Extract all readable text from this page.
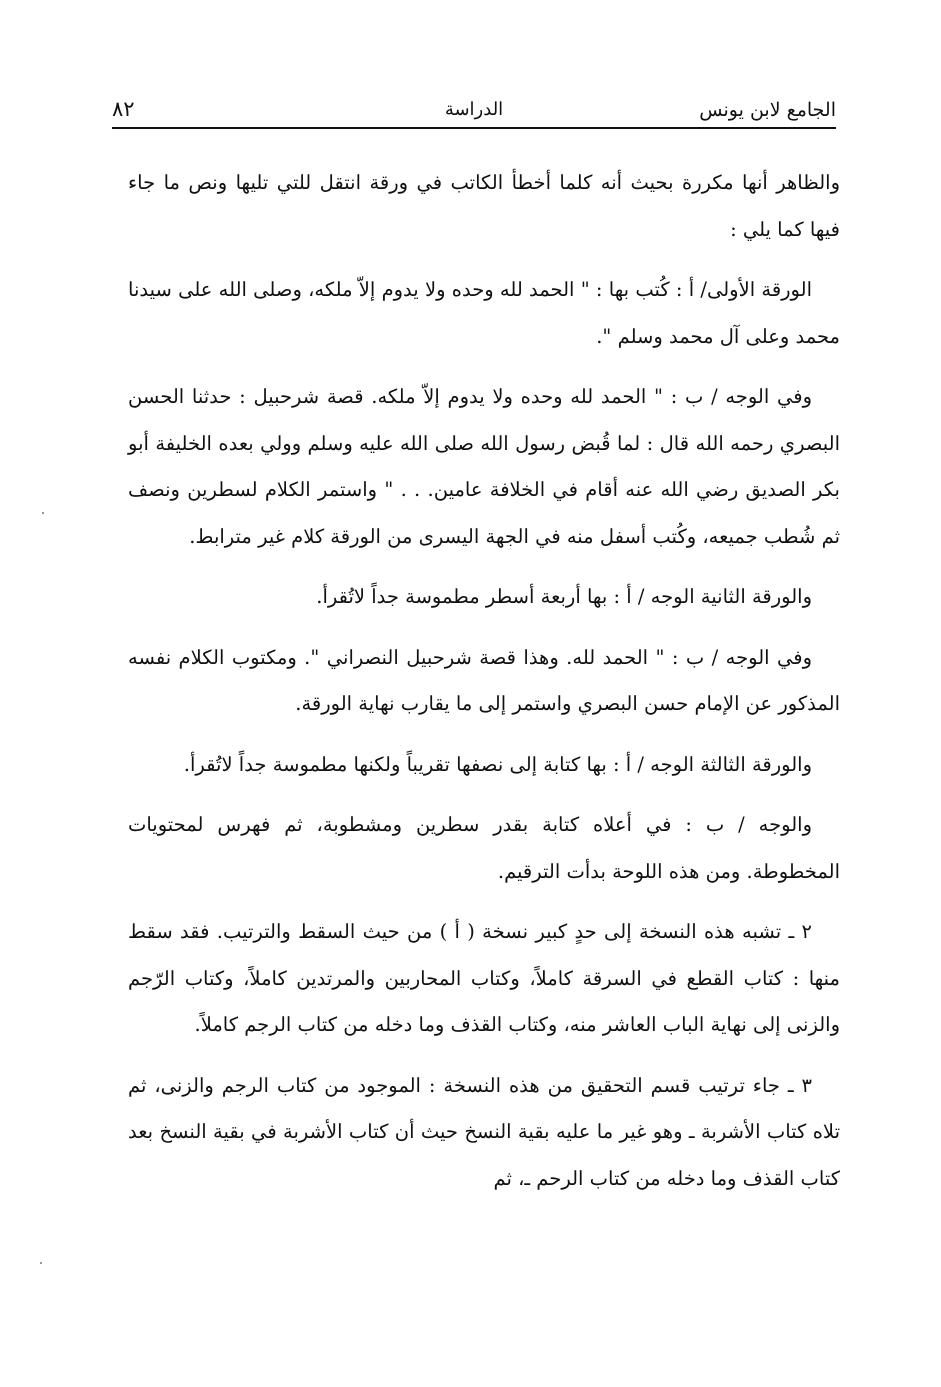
الجامع لابن يونس
الدراسة
٨٢

والظاهر أنها مكررة بحيث أنه كلما أخطأ الكاتب في ورقة انتقل للتي تليها ونص ما جاء فيها كما يلي :

الورقة الأولى/ أ : كُتب بها : " الحمد لله وحده ولا يدوم إلاّ ملكه، وصلى الله على سيدنا محمد وعلى آل محمد وسلم ".

وفي الوجه / ب : " الحمد لله وحده ولا يدوم إلاّ ملكه. قصة شرحبيل : حدثنا الحسن البصري رحمه الله قال : لما قُبض رسول الله صلى الله عليه وسلم وولي بعده الخليفة أبو بكر الصديق رضي الله عنه أقام في الخلافة عامين. . . " واستمر الكلام لسطرين ونصف ثم شُطب جميعه، وكُتب أسفل منه في الجهة اليسرى من الورقة كلام غير مترابط.

والورقة الثانية الوجه / أ : بها أربعة أسطر مطموسة جداً لاتُقرأ.

وفي الوجه / ب : " الحمد لله. وهذا قصة شرحبيل النصراني ". ومكتوب الكلام نفسه المذكور عن الإمام حسن البصري واستمر إلى ما يقارب نهاية الورقة.

والورقة الثالثة الوجه / أ : بها كتابة إلى نصفها تقريباً ولكنها مطموسة جداً لاتُقرأ.

والوجه / ب : في أعلاه كتابة بقدر سطرين ومشطوبة، ثم فهرس لمحتويات المخطوطة. ومن هذه اللوحة بدأت الترقيم.

٢ ـ تشبه هذه النسخة إلى حدٍ كبير نسخة ( أ ) من حيث السقط والترتيب. فقد سقط منها : كتاب القطع في السرقة كاملاً، وكتاب المحاربين والمرتدين كاملاً، وكتاب الرّجم والزنى إلى نهاية الباب العاشر منه، وكتاب القذف وما دخله من كتاب الرجم كاملاً.

٣ ـ جاء ترتيب قسم التحقيق من هذه النسخة : الموجود من كتاب الرجم والزنى، ثم تلاه كتاب الأشربة ـ وهو غير ما عليه بقية النسخ حيث أن كتاب الأشربة في بقية النسخ بعد كتاب القذف وما دخله من كتاب الرحم ـ، ثم
